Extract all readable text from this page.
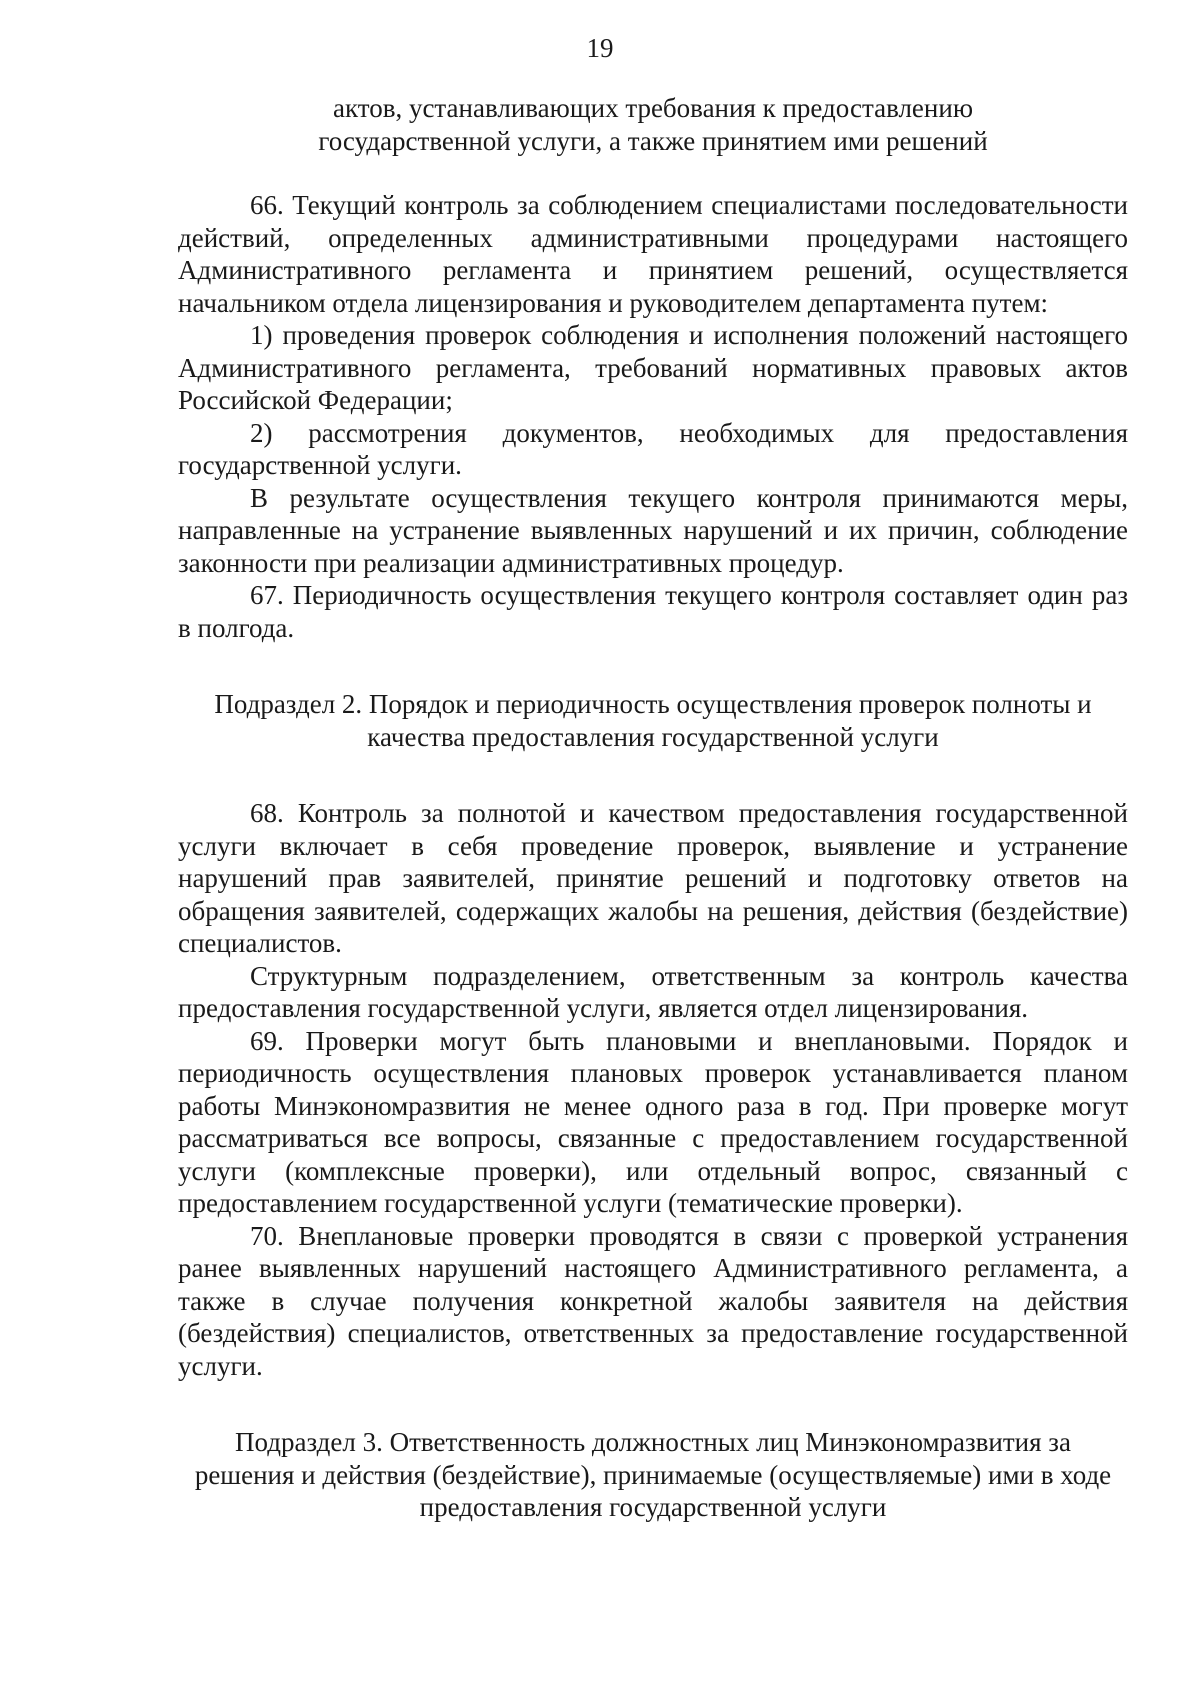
19

актов, устанавливающих требования к предоставлению государственной услуги, а также принятием ими решений

66. Текущий контроль за соблюдением специалистами последовательности действий, определенных административными процедурами настоящего Административного регламента и принятием решений, осуществляется начальником отдела лицензирования и руководителем департамента путем:

1) проведения проверок соблюдения и исполнения положений настоящего Административного регламента, требований нормативных правовых актов Российской Федерации;

2) рассмотрения документов, необходимых для предоставления государственной услуги.

В результате осуществления текущего контроля принимаются меры, направленные на устранение выявленных нарушений и их причин, соблюдение законности при реализации административных процедур.

67. Периодичность осуществления текущего контроля составляет один раз в полгода.

Подраздел 2. Порядок и периодичность осуществления проверок полноты и качества предоставления государственной услуги

68. Контроль за полнотой и качеством предоставления государственной услуги включает в себя проведение проверок, выявление и устранение нарушений прав заявителей, принятие решений и подготовку ответов на обращения заявителей, содержащих жалобы на решения, действия (бездействие) специалистов.

Структурным подразделением, ответственным за контроль качества предоставления государственной услуги, является отдел лицензирования.

69. Проверки могут быть плановыми и внеплановыми. Порядок и периодичность осуществления плановых проверок устанавливается планом работы Минэкономразвития не менее одного раза в год. При проверке могут рассматриваться все вопросы, связанные с предоставлением государственной услуги (комплексные проверки), или отдельный вопрос, связанный с предоставлением государственной услуги (тематические проверки).

70. Внеплановые проверки проводятся в связи с проверкой устранения ранее выявленных нарушений настоящего Административного регламента, а также в случае получения конкретной жалобы заявителя на действия (бездействия) специалистов, ответственных за предоставление государственной услуги.

Подраздел 3. Ответственность должностных лиц Минэкономразвития за решения и действия (бездействие), принимаемые (осуществляемые) ими в ходе предоставления государственной услуги
